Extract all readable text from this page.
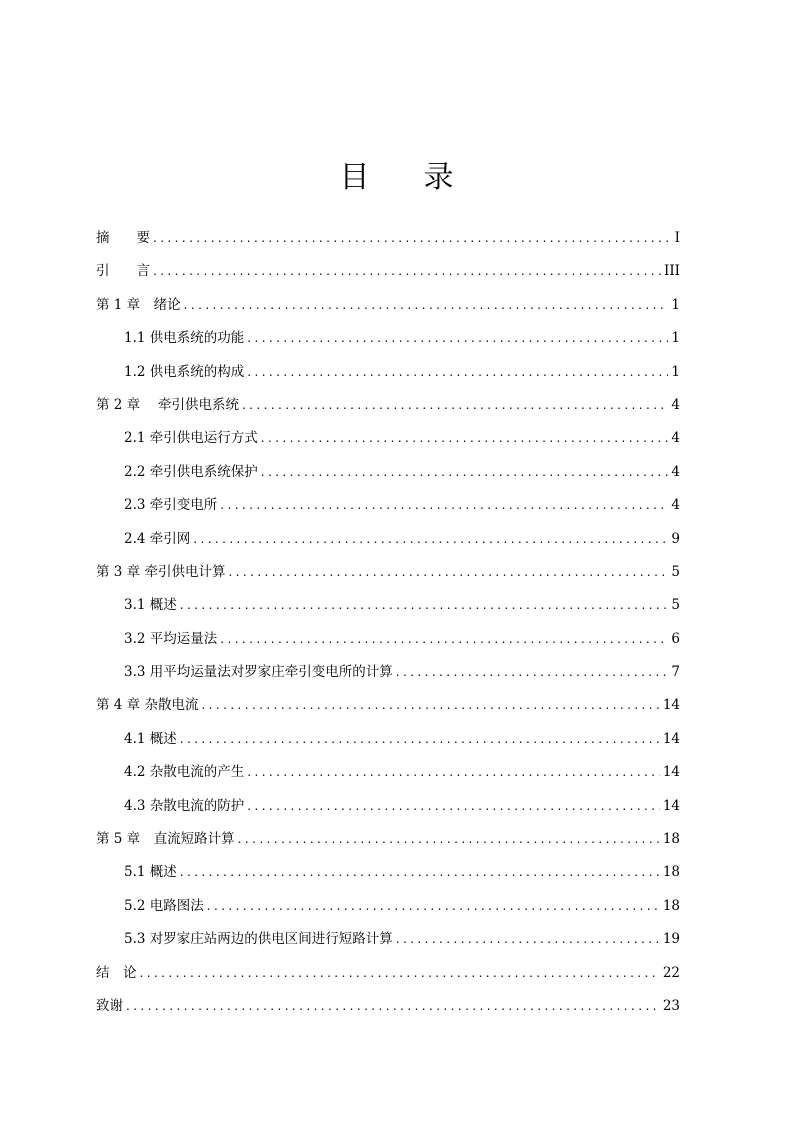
目录
摘　　要 .....	I
引　　言 .....	III
第 1 章　绪论 .....	1
1.1 供电系统的功能 .....	1
1.2 供电系统的构成 .....	1
第 2 章　 牵引供电系统 .....	4
2.1 牵引供电运行方式 .....	4
2.2 牵引供电系统保护 .....	4
2.3 牵引变电所 .....	4
2.4 牵引网 .....	9
第 3 章 牵引供电计算 .....	5
3.1 概述 .....	5
3.2 平均运量法 .....	6
3.3 用平均运量法对罗家庄牵引变电所的计算 .....	7
第 4 章 杂散电流 .....	14
4.1 概述 .....	14
4.2 杂散电流的产生 .....	14
4.3 杂散电流的防护 .....	14
第 5 章　直流短路计算 .....	18
5.1 概述 .....	18
5.2 电路图法 .....	18
5.3 对罗家庄站两边的供电区间进行短路计算 .....	19
结　论 .....	22
致谢 .....	23
